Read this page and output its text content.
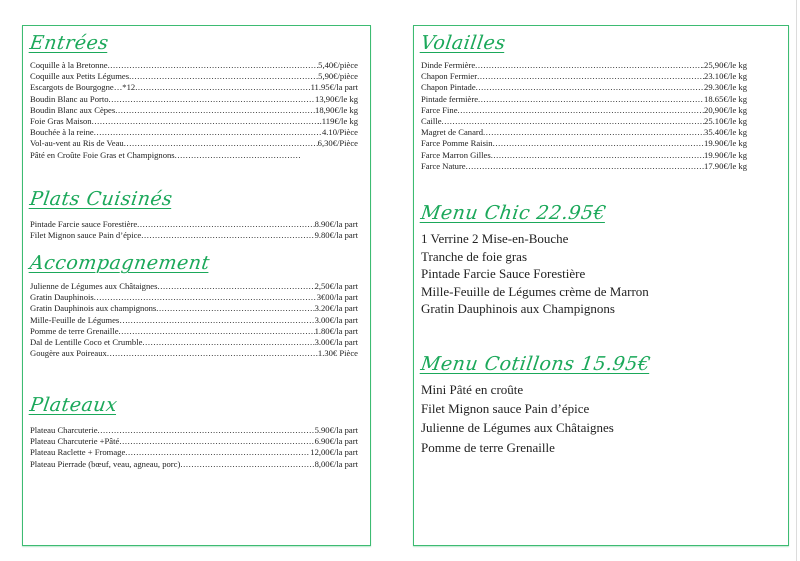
Entrées
Coquille à la Bretonne .....	5,40€/pièce
Coquille aux Petits Légumes .....	5,90€/pièce
Escargots de Bourgogne…*12 .....	11.95€/la part
Boudin Blanc au Porto .....	13,90€/le kg
Boudin Blanc aux Cèpes .....	18,90€/le kg
Foie Gras Maison .....	..119€/le kg
Bouchée à la reine .....	4.10/Pièce
Vol-au-vent au Ris de Veau .....	6,30€/Pièce
Pâté en Croûte Foie Gras et Champignons
.....
Plats Cuisinés
Pintade Farcie sauce Forestière .....	8.90€/la part
Filet Mignon sauce Pain d’épice .....	9.80€/la part
Accompagnement
Julienne de Légumes aux Châtaignes .....	2,50€/la part
Gratin Dauphinois .....	3€00/la part
Gratin Dauphinois aux champignons .....	3.20€/la part
Mille-Feuille de Légumes… .....	3.00€/la part
Pomme de terre Grenaille .....	1.80€/la part
Dal de Lentille Coco et Crumble .....	3.00€/la part
Gougère aux Poireaux .....	1.30€ Pièce
Plateaux
Plateau Charcuterie .....	5.90€/la part
Plateau Charcuterie +Pâté .....	6.90€/la part
Plateau Raclette + Fromage .....	12,00€/la part
Plateau Pierrade (bœuf, veau, agneau, porc) .....	8,00€/la part
Volailles
Dinde Fermière .....	.25,90€/le kg
Chapon Fermier .....	23.10€/le kg
Chapon Pintade .....	29.30€/le kg
Pintade fermière .....	18.65€/le kg
Farce Fine .....	20,90€/le kg
Caille .....	25.10€/le kg
Magret de Canard .....	35.40€/le kg
Farce Pomme Raisin .....	19.90€/le kg
Farce Marron Gilles .....	19.90€/le kg
Farce Nature .....	17.90€/le kg
Menu Chic 22.95€
1 Verrine 2 Mise-en-Bouche
Tranche de foie gras
Pintade Farcie Sauce Forestière
Mille-Feuille de Légumes crème de Marron
Gratin Dauphinois aux Champignons
Menu Cotillons 15.95€
Mini Pâté en croûte
Filet Mignon sauce Pain d’épice
Julienne de Légumes aux Châtaignes
Pomme de terre Grenaille
